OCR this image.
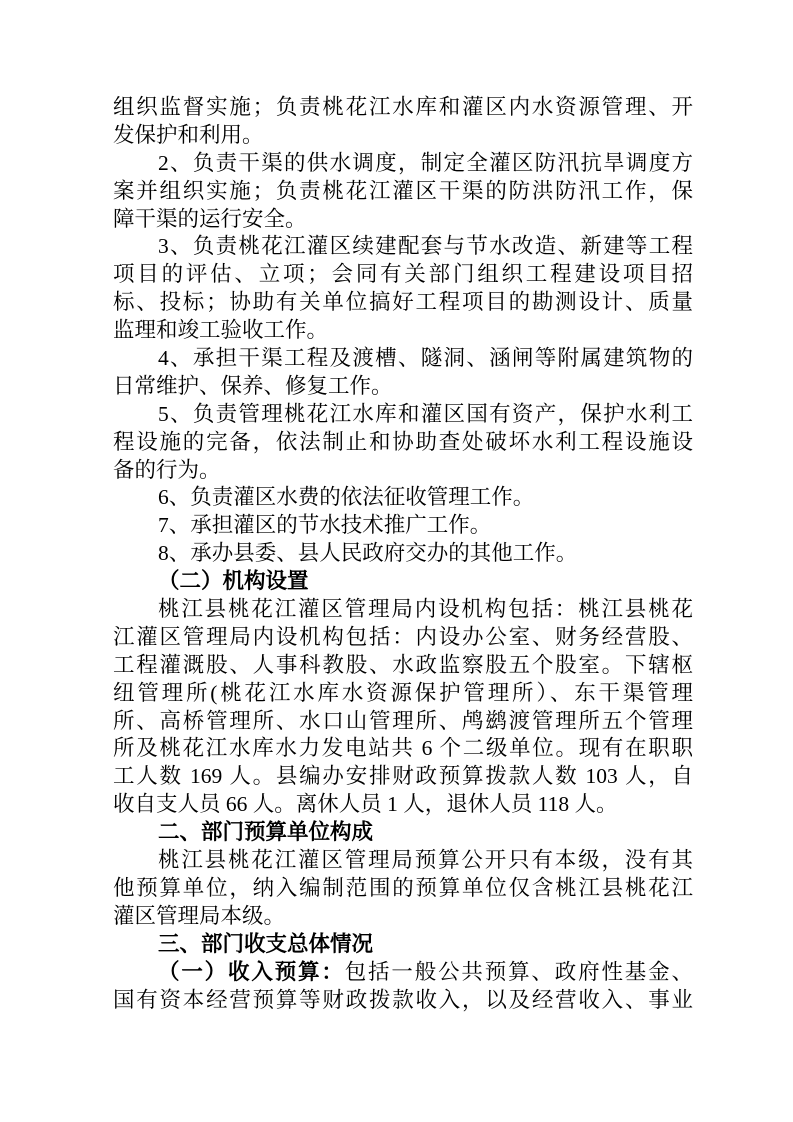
组织监督实施；负责桃花江水库和灌区内水资源管理、开
发保护和利用。
2、负责干渠的供水调度，制定全灌区防汛抗旱调度方
案并组织实施；负责桃花江灌区干渠的防洪防汛工作，保
障干渠的运行安全。
3、负责桃花江灌区续建配套与节水改造、新建等工程
项目的评估、立项；会同有关部门组织工程建设项目招
标、投标；协助有关单位搞好工程项目的勘测设计、质量
监理和竣工验收工作。
4、承担干渠工程及渡槽、隧洞、涵闸等附属建筑物的
日常维护、保养、修复工作。
5、负责管理桃花江水库和灌区国有资产，保护水利工
程设施的完备，依法制止和协助查处破坏水利工程设施设
备的行为。
6、负责灌区水费的依法征收管理工作。
7、承担灌区的节水技术推广工作。
8、承办县委、县人民政府交办的其他工作。
（二）机构设置
桃江县桃花江灌区管理局内设机构包括：桃江县桃花
江灌区管理局内设机构包括：内设办公室、财务经营股、
工程灌溉股、人事科教股、水政监察股五个股室。下辖枢
纽管理所(桃花江水库水资源保护管理所）、东干渠管理
所、高桥管理所、水口山管理所、鸬鹚渡管理所五个管理
所及桃花江水库水力发电站共 6 个二级单位。现有在职职
工人数 169 人。县编办安排财政预算拨款人数 103 人，自
收自支人员 66 人。离休人员 1 人，退休人员 118 人。
二、部门预算单位构成
桃江县桃花江灌区管理局预算公开只有本级，没有其
他预算单位，纳入编制范围的预算单位仅含桃江县桃花江
灌区管理局本级。
三、部门收支总体情况
（一）收入预算：包括一般公共预算、政府性基金、
国有资本经营预算等财政拨款收入，以及经营收入、事业
